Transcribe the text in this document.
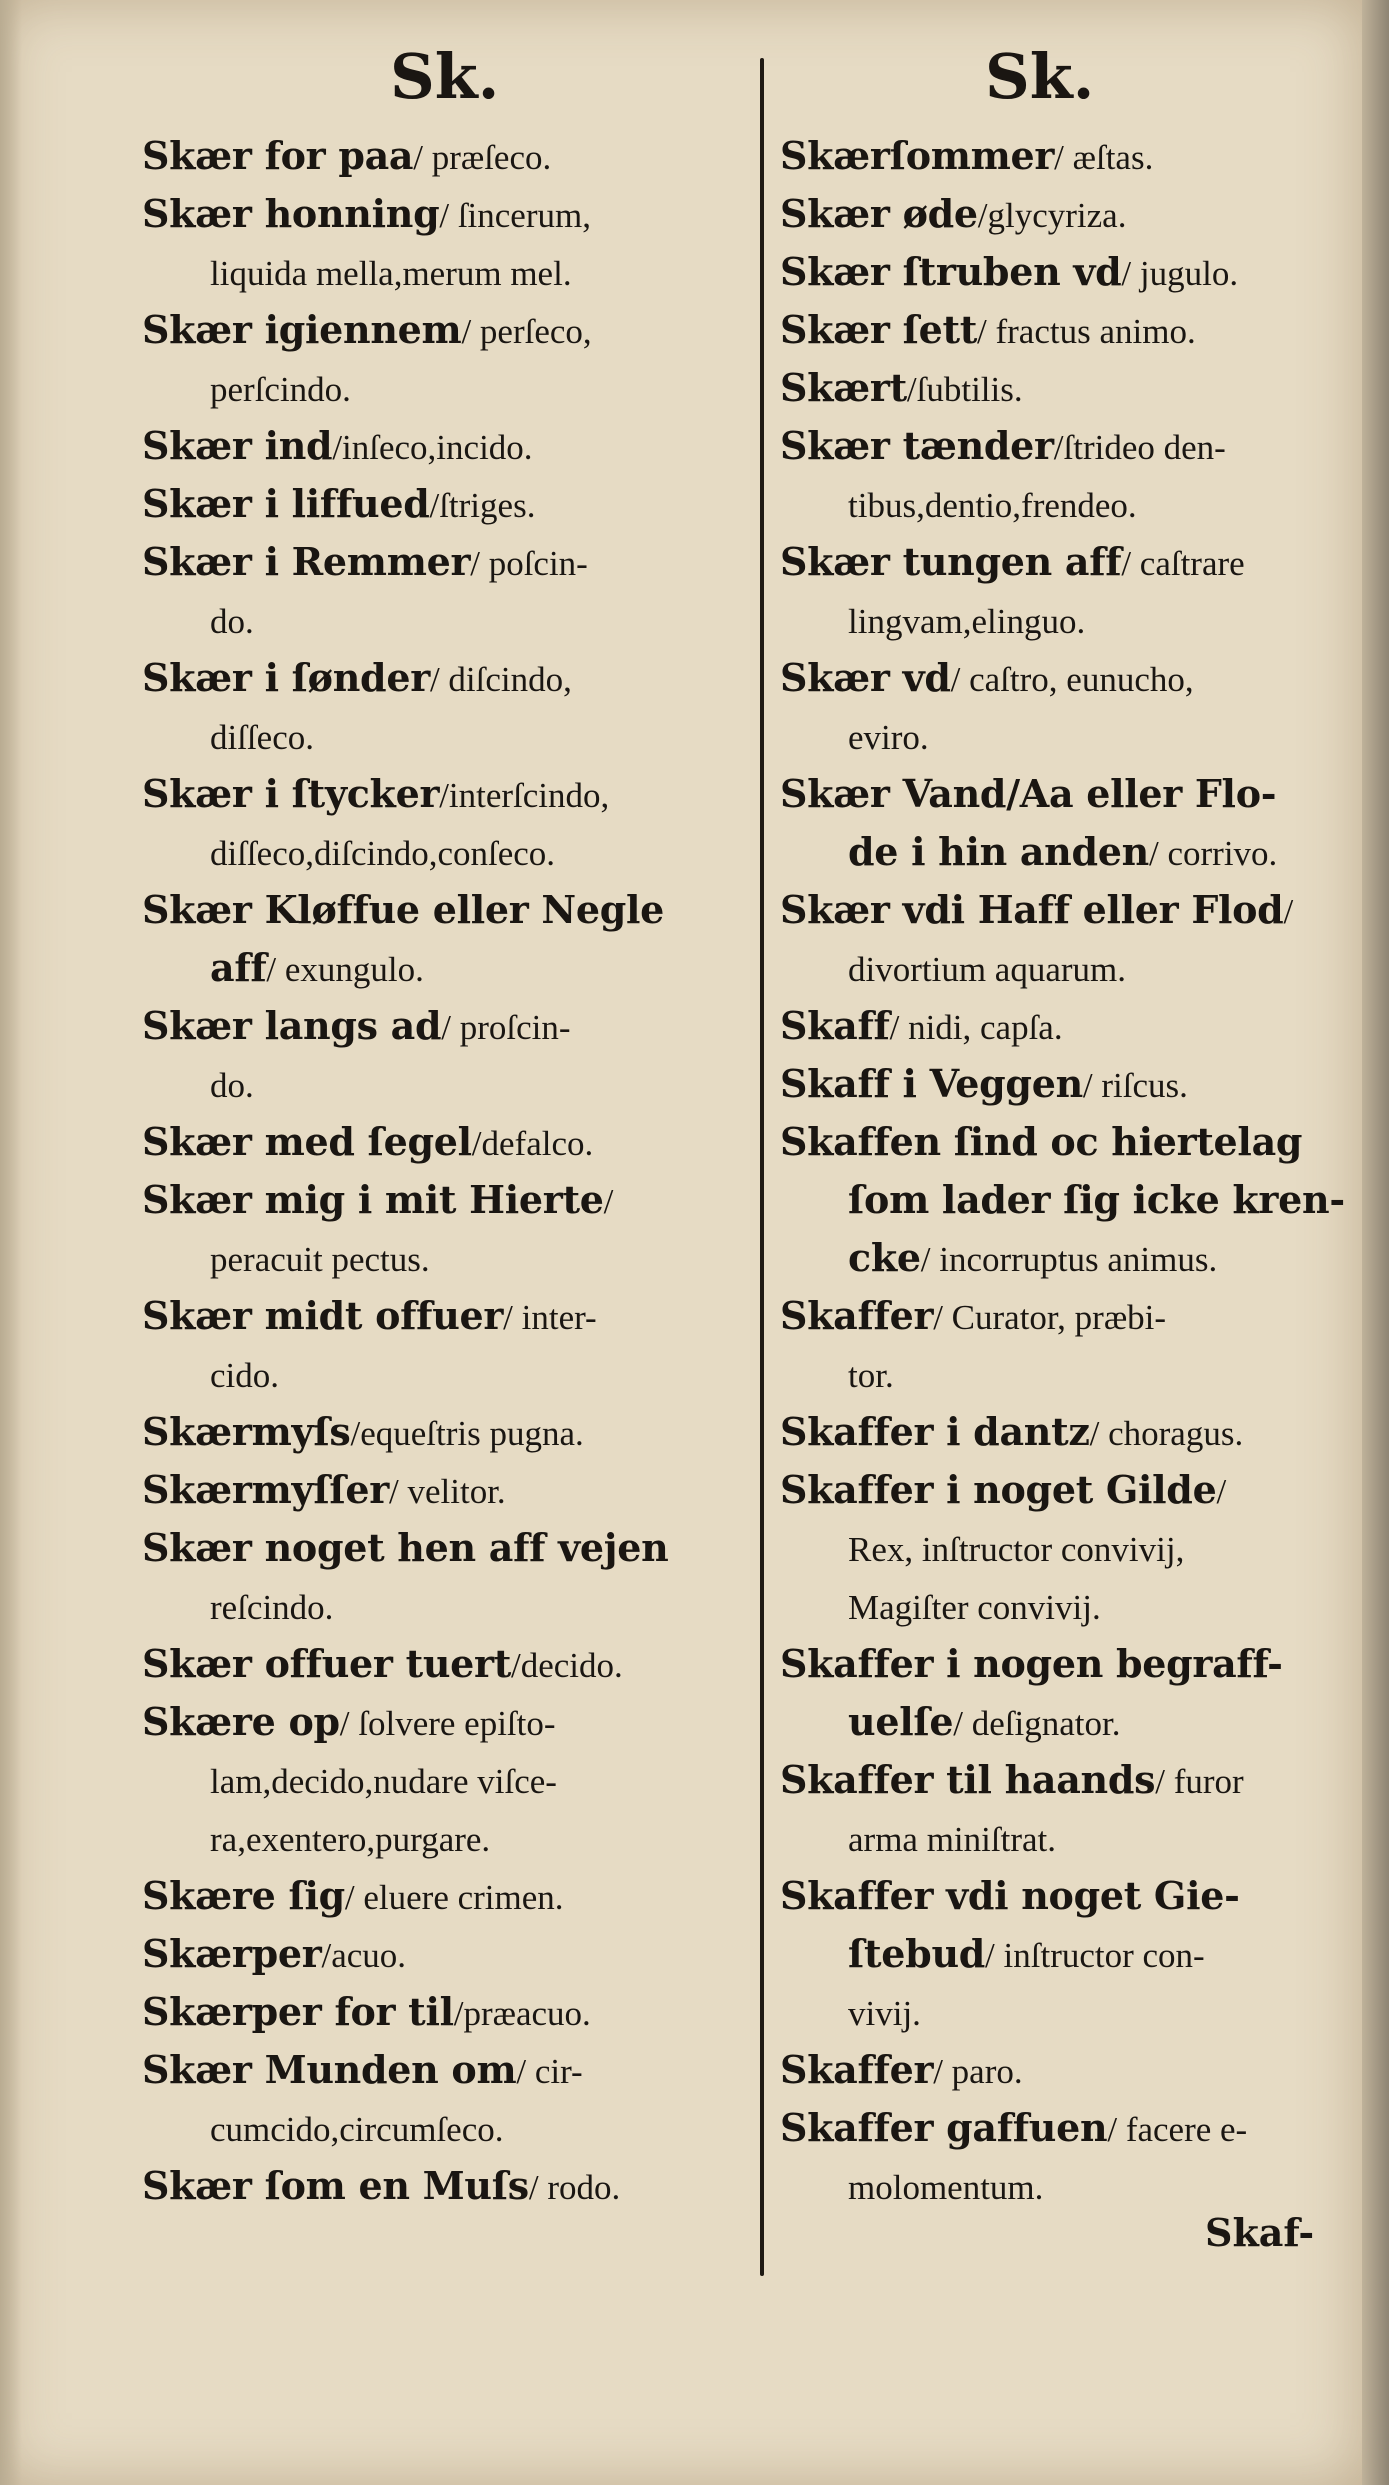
Sk.	Sk.
Skær for paa/ præſeco.
Skær honning/ ſincerum,
liquida mella,merum mel.
Skær igiennem/ perſeco,
perſcindo.
Skær ind/inſeco,incido.
Skær i liffued/ſtriges.
Skær i Remmer/ poſcin-
do.
Skær i ſønder/ diſcindo,
diſſeco.
Skær i ſtycker/interſcindo,
diſſeco,diſcindo,conſeco.
Skær Kløffue eller Negle
aff/ exungulo.
Skær langs ad/ proſcin-
do.
Skær med ſegel/defalco.
Skær mig i mit Hierte/
peracuit pectus.
Skær midt offuer/ inter-
cido.
Skærmyſs/equeſtris pugna.
Skærmyſſer/ velitor.
Skær noget hen aff vejen
reſcindo.
Skær offuer tuert/decido.
Skære op/ ſolvere epiſto-
lam,decido,nudare viſce-
ra,exentero,purgare.
Skære ſig/ eluere crimen.
Skærper/acuo.
Skærper for til/præacuo.
Skær Munden om/ cir-
cumcido,circumſeco.
Skær ſom en Muſs/ rodo.
Skærſommer/ æſtas.
Skær øde/glycyriza.
Skær ſtruben vd/ jugulo.
Skær ſett/ fractus animo.
Skært/ſubtilis.
Skær tænder/ſtrideo den-
tibus,dentio,frendeo.
Skær tungen aff/ caſtrare
lingvam,elinguo.
Skær vd/ caſtro, eunucho,
eviro.
Skær Vand/Aa eller Flo-
de i hin anden/ corrivo.
Skær vdi Haff eller Flod/
divortium aquarum.
Skaff/ nidi, capſa.
Skaff i Veggen/ riſcus.
Skaffen ſind oc hiertelag
ſom lader ſig icke kren-
cke/ incorruptus animus.
Skaffer/ Curator, præbi-
tor.
Skaffer i dantz/ choragus.
Skaffer i noget Gilde/
Rex, inſtructor convivij,
Magiſter convivij.
Skaffer i nogen begraff-
uelſe/ deſignator.
Skaffer til haands/ furor
arma miniſtrat.
Skaffer vdi noget Gie-
ſtebud/ inſtructor con-
vivij.
Skaffer/ paro.
Skaffer gaffuen/ facere e-
molomentum.
Skaf-
